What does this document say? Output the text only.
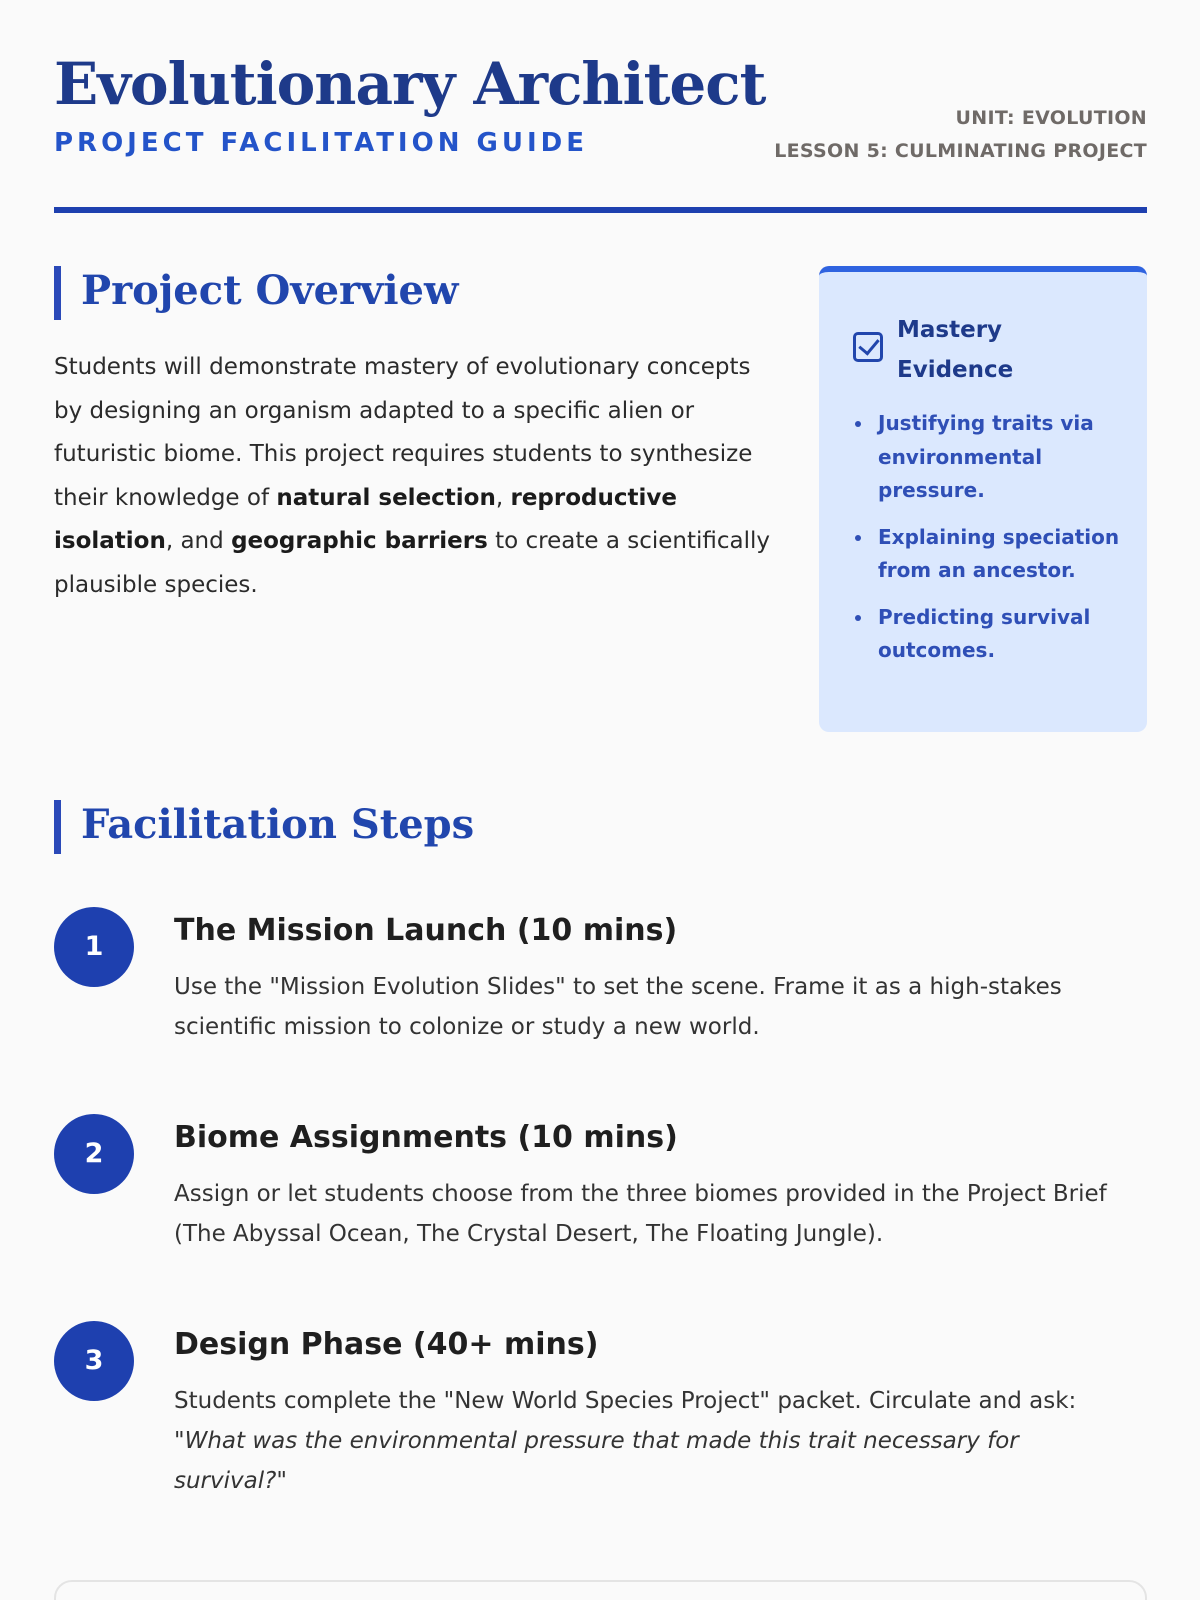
Evolutionary Architect
PROJECT FACILITATION GUIDE
UNIT: EVOLUTION
LESSON 5: CULMINATING PROJECT
Project Overview

Students will demonstrate mastery of evolutionary concepts by designing an organism adapted to a specific alien or futuristic biome. This project requires students to synthesize their knowledge of natural selection, reproductive isolation, and geographic barriers to create a scientifically plausible species.

Mastery Evidence
Justifying traits via environmental pressure.
Explaining speciation from an ancestor.
Predicting survival outcomes.
Facilitation Steps
1	The Mission Launch (10 mins)

Use the "Mission Evolution Slides" to set the scene. Frame it as a high-stakes scientific mission to colonize or study a new world.

2	Biome Assignments (10 mins)

Assign or let students choose from the three biomes provided in the Project Brief (The Abyssal Ocean, The Crystal Desert, The Floating Jungle).

3	Design Phase (40+ mins)

Students complete the "New World Species Project" packet. Circulate and ask:
"What was the environmental pressure that made this trait necessary for survival?"
